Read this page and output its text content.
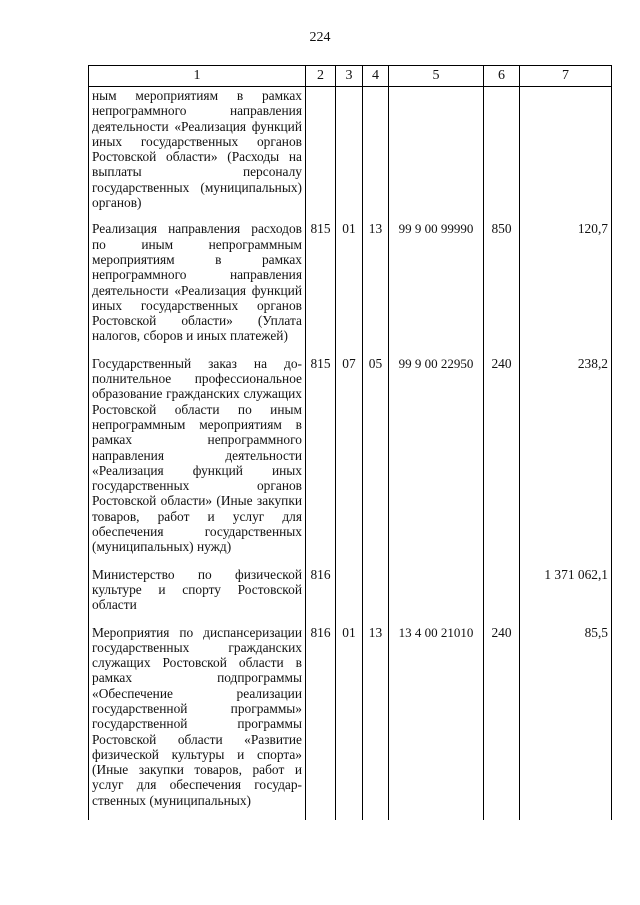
224
1	2	3	4	5	6	7
ным мероприятиям в рамках непрограммного направления деятельности «Реализация функций иных государственных органов Ростовской области» (Расходы на выплаты персоналу государственных (муниципальных) органов)						
Реализация направления расходов по иным непрограммным мероприятиям в рамках непрограммного направления деятельности «Реализация функций иных государственных органов Ростовской области» (Уплата налогов, сборов и иных платежей)	815	01	13	99 9 00 99990	850	120,7
Государственный заказ на дополнительное профессиональное образование гражданских служащих Ростовской области по иным непрограммным мероприятиям в рамках непрограммного направления деятельности «Реализация функций иных государственных органов Ростовской области» (Иные закупки товаров, работ и услуг для обеспечения государственных (муниципальных) нужд)	815	07	05	99 9 00 22950	240	238,2
Министерство по физической культуре и спорту Ростовской области	816					1 371 062,1
Мероприятия по диспансеризации государственных гражданских служащих Ростовской области в рамках подпрограммы «Обеспечение реализации государственной программы» государственной программы Ростовской области «Развитие физической культуры и спорта» (Иные закупки товаров, работ и услуг для обеспечения государственных (муниципальных)	816	01	13	13 4 00 21010	240	85,5
